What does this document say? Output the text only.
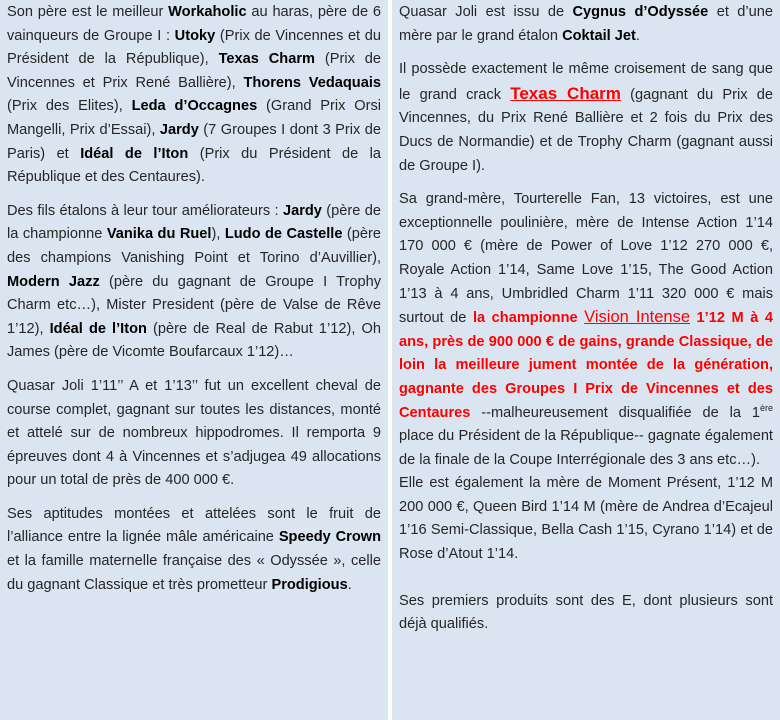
Son père est le meilleur Workaholic au haras, père de 6 vainqueurs de Groupe I : Utoky (Prix de Vincennes et du Président de la République), Texas Charm (Prix de Vincennes et Prix René Ballière), Thorens Vedaquais (Prix des Elites), Leda d’Occagnes (Grand Prix Orsi Mangelli, Prix d’Essai), Jardy (7 Groupes I dont 3 Prix de Paris) et Idéal de l’Iton (Prix du Président de la République et des Centaures).

Des fils étalons à leur tour améliorateurs : Jardy (père de la championne Vanika du Ruel), Ludo de Castelle (père des champions Vanishing Point et Torino d’Auvillier), Modern Jazz (père du gagnant de Groupe I Trophy Charm etc…), Mister President (père de Valse de Rêve 1’12), Idéal de l’Iton (père de Real de Rabut 1’12), Oh James (père de Vicomte Boufarcaux 1’12)…

Quasar Joli 1’11’’ A et 1’13’’ fut un excellent cheval de course complet, gagnant sur toutes les distances, monté et attelé sur de nombreux hippodromes. Il remporta 9 épreuves dont 4 à Vincennes et s’adjugea 49 allocations pour un total de près de 400 000 €.

Ses aptitudes montées et attelées sont le fruit de l’alliance entre la lignée mâle américaine Speedy Crown et la famille maternelle française des « Odyssée », celle du gagnant Classique et très prometteur Prodigious.

Quasar Joli est issu de Cygnus d’Odyssée et d’une mère par le grand étalon Coktail Jet.

Il possède exactement le même croisement de sang que le grand crack Texas Charm (gagnant du Prix de Vincennes, du Prix René Ballière et 2 fois du Prix des Ducs de Normandie) et de Trophy Charm (gagnant aussi de Groupe I).

Sa grand-mère, Tourterelle Fan, 13 victoires, est une exceptionnelle poulinière, mère de Intense Action 1’14 170 000 € (mère de Power of Love 1’12 270 000 €, Royale Action 1’14, Same Love 1’15, The Good Action 1’13 à 4 ans, Umbridled Charm 1’11 320 000 € mais surtout de la championne Vision Intense 1’12 M à 4 ans, près de 900 000 € de gains, grande Classique, de loin la meilleure jument montée de la génération, gagnante des Groupes I Prix de Vincennes et des Centaures --malheureusement disqualifiée de la 1ère place du Président de la République-- gagnate également de la finale de la Coupe Interrégionale des 3 ans etc…).

Elle est également la mère de Moment Présent, 1’12 M 200 000 €, Queen Bird 1’14 M (mère de Andrea d’Ecajeul 1’16 Semi-Classique, Bella Cash 1’15, Cyrano 1’14) et de Rose d’Atout 1’14.

Ses premiers produits sont des E, dont plusieurs sont déjà qualifiés.
